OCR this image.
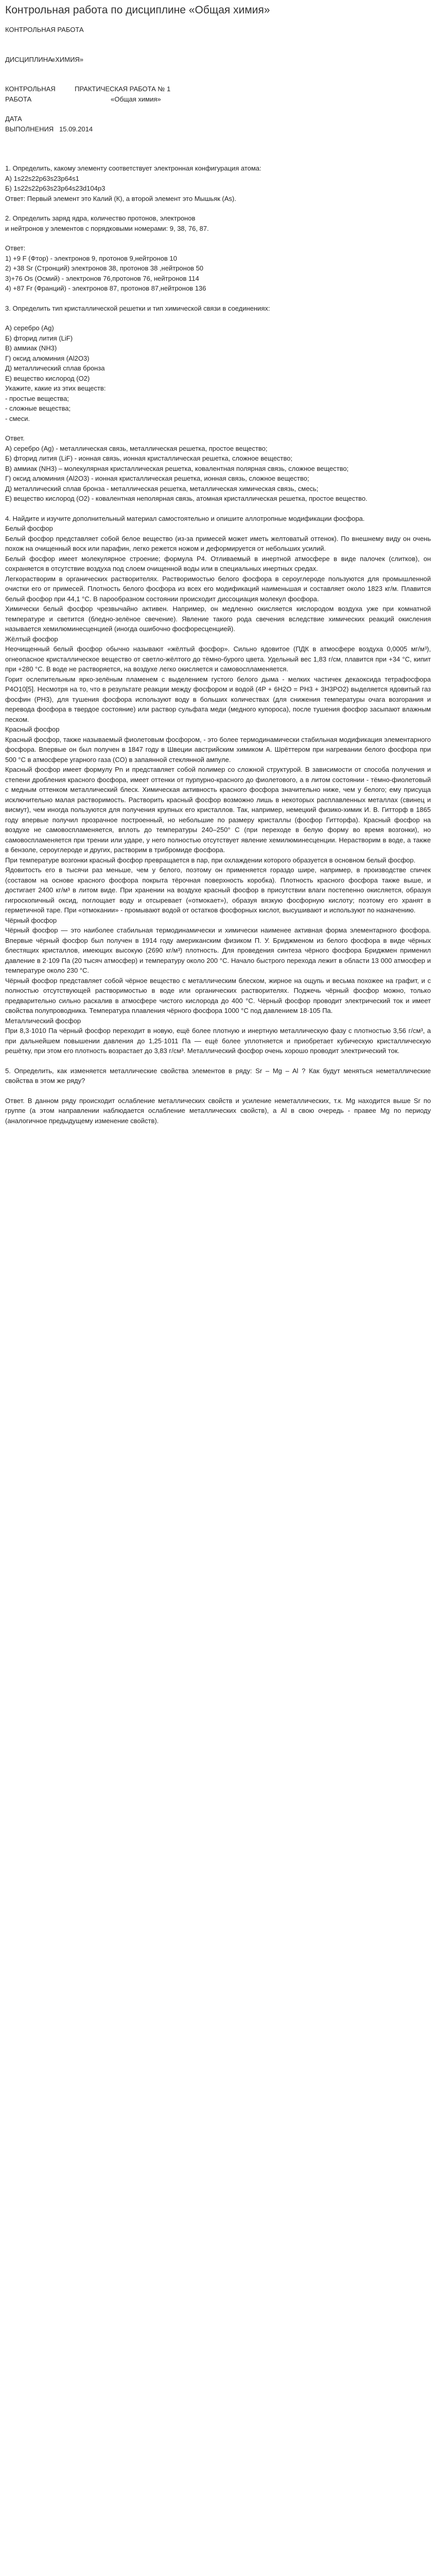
Контрольная работа по дисциплине «Общая химия»

КОНТРОЛЬНАЯ РАБОТА

ДИСЦИПЛИНА:
«ХИМИЯ»
КОНТРОЛЬНАЯ	ПРАКТИЧЕСКАЯ РАБОТА № 1
РАБОТА	«Общая химия»

ДАТА

ВЫПОЛНЕНИЯ 15.09.2014

1. Определить, какому элементу соответствует электронная конфигурация атома:

А) 1s22s22p63s23p64s1

Б) 1s22s22p63s23p64s23d104p3

Ответ: Первый элемент это Калий (К), а второй элемент это Мышьяк (As).

2. Определить заряд ядра, количество протонов, электронов

и нейтронов у элементов с порядковыми номерами: 9, 38, 76, 87.

Ответ:

1) +9 F (Фтор) - электронов 9, протонов 9,нейтронов 10

2) +38 Sr (Стронций) электронов 38, протонов 38 ,нейтронов 50

3)+76 Os (Осмий) - электронов 76,протонов 76, нейтронов 114

4) +87 Fr (Франций) - электронов 87, протонов 87,нейтронов 136

3. Определить тип кристаллической решетки и тип химической связи в соединениях:

А) серебро (Ag)

Б) фторид лития (LiF)

В) аммиак (NH3)

Г) оксид алюминия (Al2O3)

Д) металлический сплав бронза

Е) вещество кислород (О2)

Укажите, какие из этих веществ:

- простые вещества;

- сложные вещества;

- смеси.

Ответ.

А) серебро (Ag) - металлическая связь, металлическая решетка, простое вещество;

Б) фторид лития (LiF) - ионная связь, ионная кристаллическая решетка, сложное вещество;

В) аммиак (NH3) – молекулярная кристаллическая решетка, ковалентная полярная связь, сложное вещество;

Г) оксид алюминия (Al2O3) - ионная кристаллическая решетка, ионная связь, сложное вещество;

Д) металлический сплав бронза - металлическая решетка, металлическая химическая связь, смесь;

Е) вещество кислород (О2) - ковалентная неполярная связь, атомная кристаллическая решетка, простое вещество.

4. Найдите и изучите дополнительный материал самостоятельно и опишите аллотропные модификации фосфора.

Белый фосфор

Белый фосфор представляет собой белое вещество (из-за примесей может иметь желтоватый оттенок). По внешнему виду он очень похож на очищенный воск или парафин, легко режется ножом и деформируется от небольших усилий.

Белый фосфор имеет молекулярное строение; формула P4. Отливаемый в инертной атмосфере в виде палочек (слитков), он сохраняется в отсутствие воздуха под слоем очищенной воды или в специальных инертных средах.

Легкорастворим в органических растворителях. Растворимостью белого фосфора в сероуглероде пользуются для промышленной очистки его от примесей. Плотность белого фосфора из всех его модификаций наименьшая и составляет около 1823 кг/м. Плавится белый фосфор при 44,1 °C. В парообразном состоянии происходит диссоциация молекул фосфора.

Химически белый фосфор чрезвычайно активен. Например, он медленно окисляется кислородом воздуха уже при комнатной температуре и светится (бледно-зелёное свечение). Явление такого рода свечения вследствие химических реакций окисления называется хемилюминесценцией (иногда ошибочно фосфоресценцией).

Жёлтый фосфор

Неочищенный белый фосфор обычно называют «жёлтый фосфор». Сильно ядовитое (ПДК в атмосфере воздуха 0,0005 мг/м³), огнеопасное кристаллическое вещество от светло-жёлтого до тёмно-бурого цвета. Удельный вес 1,83 г/см, плавится при +34 °C, кипит при +280 °C. В воде не растворяется, на воздухе легко окисляется и самовоспламеняется.

Горит ослепительным ярко-зелёным пламенем с выделением густого белого дыма - мелких частичек декаоксида тетрафосфора P4O10[5]. Несмотря на то, что в результате реакции между фосфором и водой (4P + 6H2O = PH3 + 3H3PO2) выделяется ядовитый газ фосфин (PH3), для тушения фосфора используют воду в больших количествах (для снижения температуры очага возгорания и перевода фосфора в твердое состояние) или раствор сульфата меди (медного купороса), после тушения фосфор засыпают влажным песком.

Красный фосфор

Красный фосфор, также называемый фиолетовым фосфором, - это более термодинамически стабильная модификация элементарного фосфора. Впервые он был получен в 1847 году в Швеции австрийским химиком А. Шрёттером при нагревании белого фосфора при 500 °С в атмосфере угарного газа (СО) в запаянной стеклянной ампуле.

Красный фосфор имеет формулу Pn и представляет собой полимер со сложной структурой. В зависимости от способа получения и степени дробления красного фосфора, имеет оттенки от пурпурно-красного до фиолетового, а в литом состоянии - тёмно-фиолетовый с медным оттенком металлический блеск. Химическая активность красного фосфора значительно ниже, чем у белого; ему присуща исключительно малая растворимость. Растворить красный фосфор возможно лишь в некоторых расплавленных металлах (свинец и висмут), чем иногда пользуются для получения крупных его кристаллов. Так, например, немецкий физико-химик И. В. Гитторф в 1865 году впервые получил прозрачное построенный, но небольшие по размеру кристаллы (фосфор Гитторфа). Красный фосфор на воздухе не самовоспламеняется, вплоть до температуры 240–250° С (при переходе в белую форму во время возгонки), но самовоспламеняется при трении или ударе, у него полностью отсутствует явление хемилюминесценции. Нерастворим в воде, а также в бензоле, сероуглероде и других, растворим в трибромиде фосфора.

При температуре возгонки красный фосфор превращается в пар, при охлаждении которого образуется в основном белый фосфор.

Ядовитость его в тысячи раз меньше, чем у белого, поэтому он применяется гораздо шире, например, в производстве спичек (составом на основе красного фосфора покрыта тёрочная поверхность коробка). Плотность красного фосфора также выше, и достигает 2400 кг/м³ в литом виде. При хранении на воздухе красный фосфор в присутствии влаги постепенно окисляется, образуя гигроскопичный оксид, поглощает воду и отсыревает («отмокает»), образуя вязкую фосфорную кислоту; поэтому его хранят в герметичной таре. При «отмокании» - промывают водой от остатков фосфорных кислот, высушивают и используют по назначению.

Чёрный фосфор

Чёрный фосфор — это наиболее стабильная термодинамически и химически наименее активная форма элементарного фосфора. Впервые чёрный фосфор был получен в 1914 году американским физиком П. У. Бриджменом из белого фосфора в виде чёрных блестящих кристаллов, имеющих высокую (2690 кг/м³) плотность. Для проведения синтеза чёрного фосфора Бриджмен применил давление в 2·109 Па (20 тысяч атмосфер) и температуру около 200 °C. Начало быстрого перехода лежит в области 13 000 атмосфер и температуре около 230 °C.

Чёрный фосфор представляет собой чёрное вещество с металлическим блеском, жирное на ощупь и весьма похожее на графит, и с полностью отсутствующей растворимостью в воде или органических растворителях. Поджечь чёрный фосфор можно, только предварительно сильно раскалив в атмосфере чистого кислорода до 400 °C. Чёрный фосфор проводит электрический ток и имеет свойства полупроводника. Температура плавления чёрного фосфора 1000 °C под давлением 18·105 Па.

Металлический фосфор

При 8,3·1010 Па чёрный фосфор переходит в новую, ещё более плотную и инертную металлическую фазу с плотностью 3,56 г/см³, а при дальнейшем повышении давления до 1,25·1011 Па — ещё более уплотняется и приобретает кубическую кристаллическую решётку, при этом его плотность возрастает до 3,83 г/см³. Металлический фосфор очень хорошо проводит электрический ток.

5. Определить, как изменяется металлические свойства элементов в ряду: Sr – Mg – Al ? Как будут меняться неметаллические свойства в этом же ряду?

Ответ. В данном ряду происходит ослабление металлических свойств и усиление неметаллических, т.к. Mg находится выше Sr по группе (а этом направлении наблюдается ослабление металлических свойств), а Al в свою очередь - правее Mg по периоду (аналогичное предыдущему изменение свойств).
